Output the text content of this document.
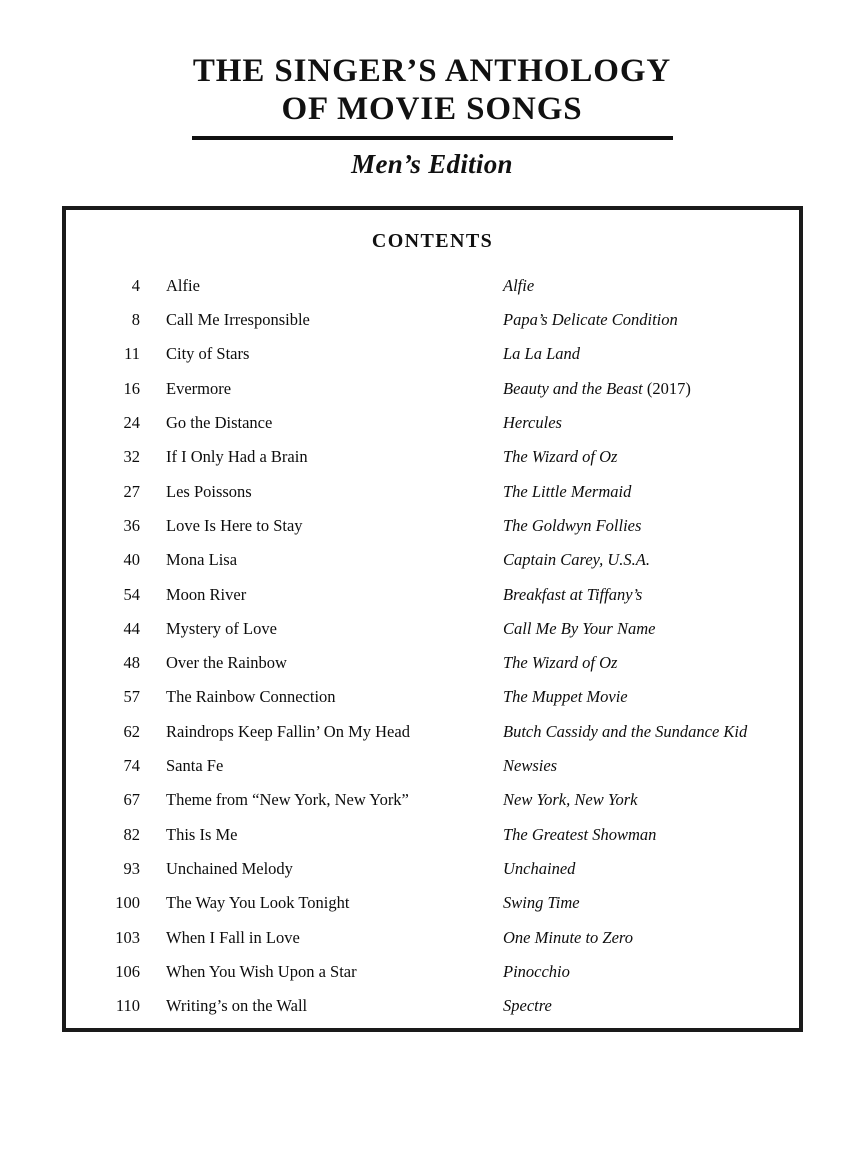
THE SINGER’S ANTHOLOGY
OF MOVIE SONGS
Men’s Edition
CONTENTS
4	Alfie	Alfie
8	Call Me Irresponsible	Papa’s Delicate Condition
11	City of Stars	La La Land
16	Evermore	Beauty and the Beast (2017)
24	Go the Distance	Hercules
32	If I Only Had a Brain	The Wizard of Oz
27	Les Poissons	The Little Mermaid
36	Love Is Here to Stay	The Goldwyn Follies
40	Mona Lisa	Captain Carey, U.S.A.
54	Moon River	Breakfast at Tiffany’s
44	Mystery of Love	Call Me By Your Name
48	Over the Rainbow	The Wizard of Oz
57	The Rainbow Connection	The Muppet Movie
62	Raindrops Keep Fallin’ On My Head	Butch Cassidy and the Sundance Kid
74	Santa Fe	Newsies
67	Theme from “New York, New York”	New York, New York
82	This Is Me	The Greatest Showman
93	Unchained Melody	Unchained
100	The Way You Look Tonight	Swing Time
103	When I Fall in Love	One Minute to Zero
106	When You Wish Upon a Star	Pinocchio
110	Writing’s on the Wall	Spectre
